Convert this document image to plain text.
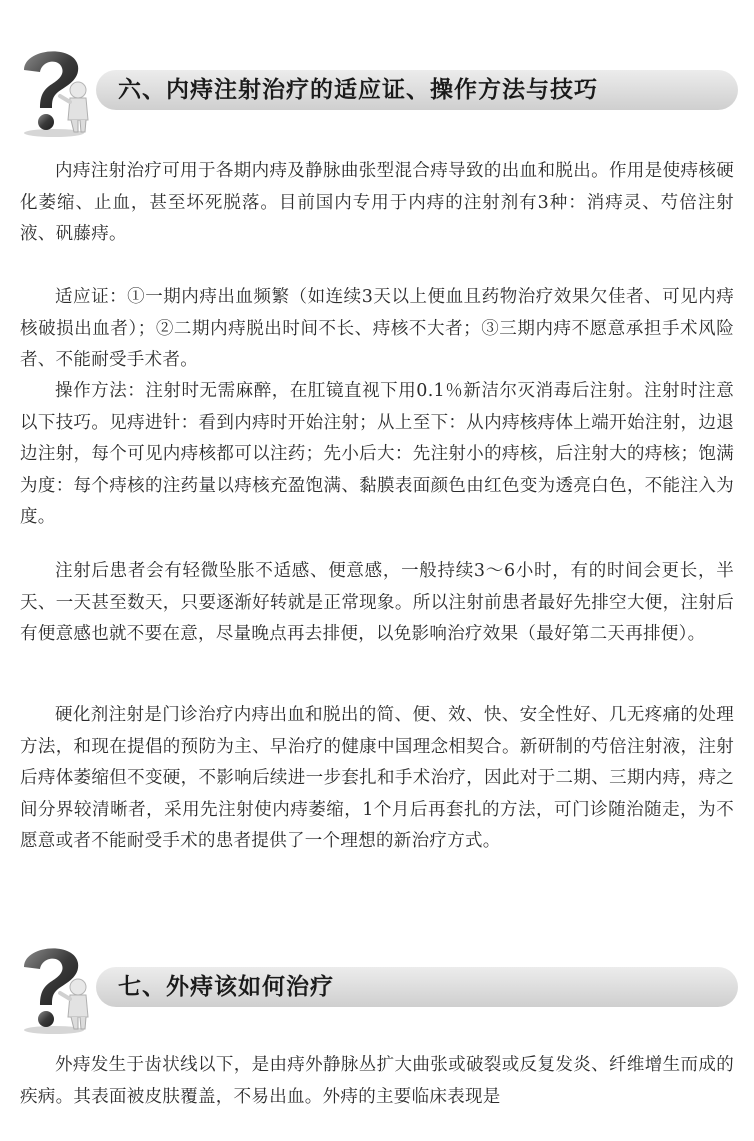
六、内痔注射治疗的适应证、操作方法与技巧

内痔注射治疗可用于各期内痔及静脉曲张型混合痔导致的出血和脱出。作用是使痔核硬化萎缩、止血，甚至坏死脱落。目前国内专用于内痔的注射剂有3种：消痔灵、芍倍注射液、矾藤痔。

适应证：①一期内痔出血频繁（如连续3天以上便血且药物治疗效果欠佳者、可见内痔核破损出血者）；②二期内痔脱出时间不长、痔核不大者；③三期内痔不愿意承担手术风险者、不能耐受手术者。

操作方法：注射时无需麻醉，在肛镜直视下用0.1％新洁尔灭消毒后注射。注射时注意以下技巧。见痔进针：看到内痔时开始注射；从上至下：从内痔核痔体上端开始注射，边退边注射，每个可见内痔核都可以注药；先小后大：先注射小的痔核，后注射大的痔核；饱满为度：每个痔核的注药量以痔核充盈饱满、黏膜表面颜色由红色变为透亮白色，不能注入为度。

注射后患者会有轻微坠胀不适感、便意感，一般持续3～6小时，有的时间会更长，半天、一天甚至数天，只要逐渐好转就是正常现象。所以注射前患者最好先排空大便，注射后有便意感也就不要在意，尽量晚点再去排便，以免影响治疗效果（最好第二天再排便）。

硬化剂注射是门诊治疗内痔出血和脱出的简、便、效、快、安全性好、几无疼痛的处理方法，和现在提倡的预防为主、早治疗的健康中国理念相契合。新研制的芍倍注射液，注射后痔体萎缩但不变硬，不影响后续进一步套扎和手术治疗，因此对于二期、三期内痔，痔之间分界较清晰者，采用先注射使内痔萎缩，1个月后再套扎的方法，可门诊随治随走，为不愿意或者不能耐受手术的患者提供了一个理想的新治疗方式。

七、外痔该如何治疗

外痔发生于齿状线以下，是由痔外静脉丛扩大曲张或破裂或反复发炎、纤维增生而成的疾病。其表面被皮肤覆盖，不易出血。外痔的主要临床表现是
